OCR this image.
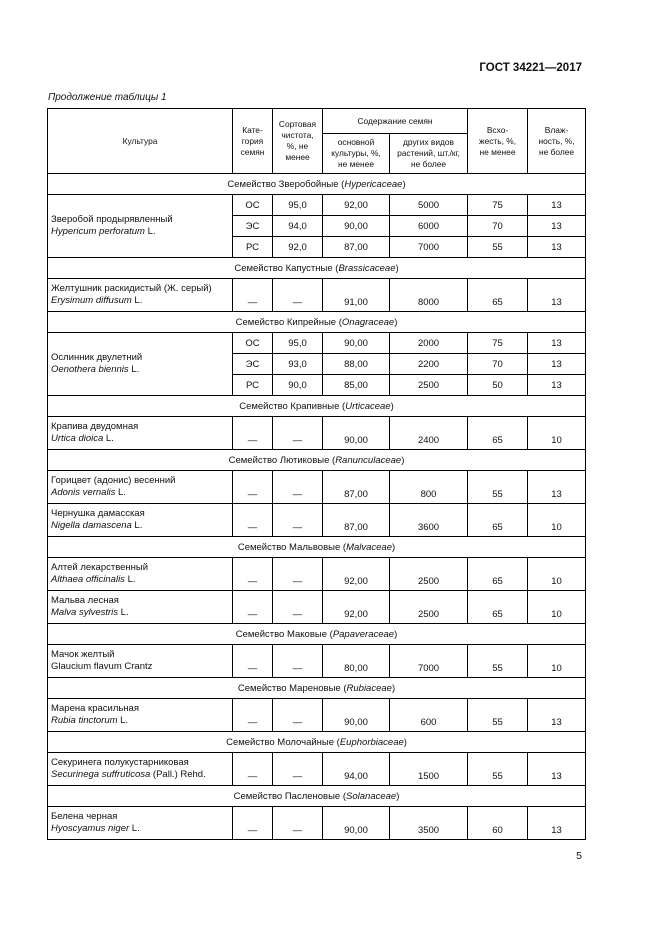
ГОСТ 34221—2017
Продолжение таблицы 1
Культура	Кате-
гория
семян	Сортовая
чистота,
%, не
менее	Содержание семян		Всхо-
жесть, %,
не менее	Влаж-
ность, %,
не более
			основной
культуры, %,
не менее	других видов
растений, шт./кг,
не более		
Семейство Зверобойные (Hypericaceae)						

Зверобой продырявленный
Hypericum perforatum L.	ОС	95,0	92,00	5000	75	13
	ЭС	94,0	90,00	6000	70	13
	РС	92,0	87,00	7000	55	13
Семейство Капустные (Brassicaceae)						

Желтушник раскидистый (Ж. серый)
Erysimum diffusum L.	—	—	91,00	8000	65	13
Семейство Кипрейные (Onagraceae)						

Ослинник двулетний
Oenothera biennis L.	ОС	95,0	90,00	2000	75	13
	ЭС	93,0	88,00	2200	70	13
	РС	90,0	85,00	2500	50	13
Семейство Крапивные (Urticaceae)						

Крапива двудомная
Urtica dioica L.	—	—	90,00	2400	65	10
Семейство Лютиковые (Ranunculaceae)						

Горицвет (адонис) весенний
Adonis vernalis L.	—	—	87,00	800	55	13

Чернушка дамасская
Nigella damascena L.	—	—	87,00	3600	65	10
Семейство Мальвовые (Malvaceae)						

Алтей лекарственный
Althaea officinalis L.	—	—	92,00	2500	65	10

Мальва лесная
Malva sylvestris L.	—	—	92,00	2500	65	10
Семейство Маковые (Papaveraceae)						

Мачок желтый
Glaucium flavum Crantz	—	—	80,00	7000	55	10
Семейство Мареновые (Rubiaceae)						

Марена красильная
Rubia tinctorum L.	—	—	90,00	600	55	13
Семейство Молочайные (Euphorbiaceae)						

Секуринега полукустарниковая
Securinega suffruticosa (Pall.) Rehd.	—	—	94,00	1500	55	13
Семейство Пасленовые (Solanaceae)						

Белена черная
Hyoscyamus niger L.	—	—	90,00	3500	60	13
5
